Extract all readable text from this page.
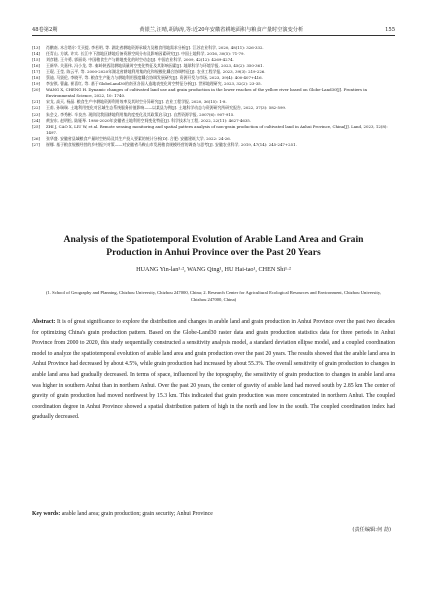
48卷第2期	黄银兰,汪晴,胡海涛,等:近20年安徽省耕地面积与粮食产量时空演变分析	155
[13]	肖鹏南, 木合塔尔·艾买提, 李若明, 等. 湖北省耕地资源承载力及粮食用地需求分析[J]. 江苏农业科学, 2020, 48(11): 326-332.
[14]	任青山, 方斌, 许实. 长江中下游地区耕地后备资源空间分布及影响因素研究[J]. 中国土地科学, 2016, 30(5): 71-79.
[15]	刘彦随, 王介勇, 郭丽英. 中国粮食生产与耕地变化的时空动态[J]. 中国农业科学, 2009, 42(12): 4269-4274.
[16]	王新华, 关嘉伟, 冯小龙, 等. 秦岭陕西段耕地质量时空变化特征及其影响因素[J]. 地球科学与环境学报, 2023, 45(2): 350-361.
[17]	王琨, 王莹, 陈云平, 等. 2000-2020年湖北省耕地利用集约化和规模化耦合协调特征[J]. 农业工程学报, 2023, 39(3): 219-226.
[18]	蔡迪, 马贤伦, 李晓平, 等. 粮食生产能力与耕地利用强度耦合协调发展研究[J]. 资源开发与市场, 2023, 39(4): 400-407+416.
[19]	李安祺, 曹鑫, 崔喜红, 等. 基于GlobeLand30的南亚各国人造地表变化时空特征分析[J]. 世界地理研究, 2023, 32(2): 23-35.
[20]	WANG X, CHENG H. Dynamic changes of cultivated land use and grain production in the lower reaches of the yellow river based on Globe-Land30[J]. Frontiers in Environmental Science, 2022, 10: 1740.
[21]	宋戈, 高天, 杨晶. 粮食生产中耕地资源利用效率及其时空分异研究[J]. 农业工程学报, 2020, 36(15): 1-8.
[22]	王甫, 孙瑞瑞. 土地利用变化对区域生态系统服务价值影响——以某县为例[J]. 土地科学动态与资源研究所研究报告, 2022, 37(3): 582-599.
[23]	朱会义, 李秀彬. 辛良杰. 现阶段我国耕地利用集约度变化及其政策启示[J]. 自然资源学报, 2007(6): 907-915.
[24]	黄安东, 赵明松, 陆娅琴. 1980-2020年安徽省土地利用空间变化特征[J]. 科学技术与工程, 2022, 22(11): 4627-4635.
[25]	ZHI J, CAO X, LIU W, et al. Remote sensing monitoring and spatial pattern analysis of non-grain production of cultivated land in Anhui Province, China[J]. Land, 2023, 12(8): 1497.
[26]	张华盛. 安徽省县域粮食产量时空格局及其生产投入要素的统计分析[D]. 合肥: 安徽建筑大学, 2022: 24-26.
[27]	崔娜. 基于粮食规模经营的乡村振兴对策——对安徽省马鞍山市发展粮食规模经营的调查与思考[J]. 安徽农业科学, 2019, 47(14): 245-247+251.
Analysis of the Spatiotemporal Evolution of Arable Land Area and Grain Production in Anhui Province over the Past 20 Years
HUANG Yin-lan¹·², WANG Qing¹, HU Hai-tao¹, CHEN Shi¹·²
(1. School of Geography and Planning, Chizhou University, Chizhou 247000, China; 2. Research Center for Agricultural Ecological Resources and Environment, Chizhou University, Chizhou 247000, China)
Abstract: It is of great significance to explore the distribution and changes in arable land and grain production in Anhui Province over the past two decades for optimizing China's grain production pattern. Based on the Globe-Land30 raster data and grain production statistics data for three periods in Anhui Province from 2000 to 2020, this study sequentially constructed a sensitivity analysis model, a standard deviation ellipse model, and a coupled coordination model to analyze the spatiotemporal evolution of arable land area and grain production over the past 20 years. The results showed that the arable land area in Anhui Province had decreased by about 4.5%, while grain production had increased by about 55.3%. The overall sensitivity of grain production to changes in arable land area had gradually decreased. In terms of space, influenced by the topography, the sensitivity of grain production to changes in arable land area was higher in southern Anhui than in northern Anhui. Over the past 20 years, the center of gravity of arable land had moved south by 2.85 km The center of gravity of grain production had moved northwest by 15.3 km. This indicated that grain production was more concentrated in northern Anhui. The coupled coordination degree in Anhui Province showed a spatial distribution pattern of high in the north and low in the south. The coupled coordination index had gradually decreased.
Key words: arable land area; grain production; grain security; Anhui Province
(责任编辑:何 劼)
